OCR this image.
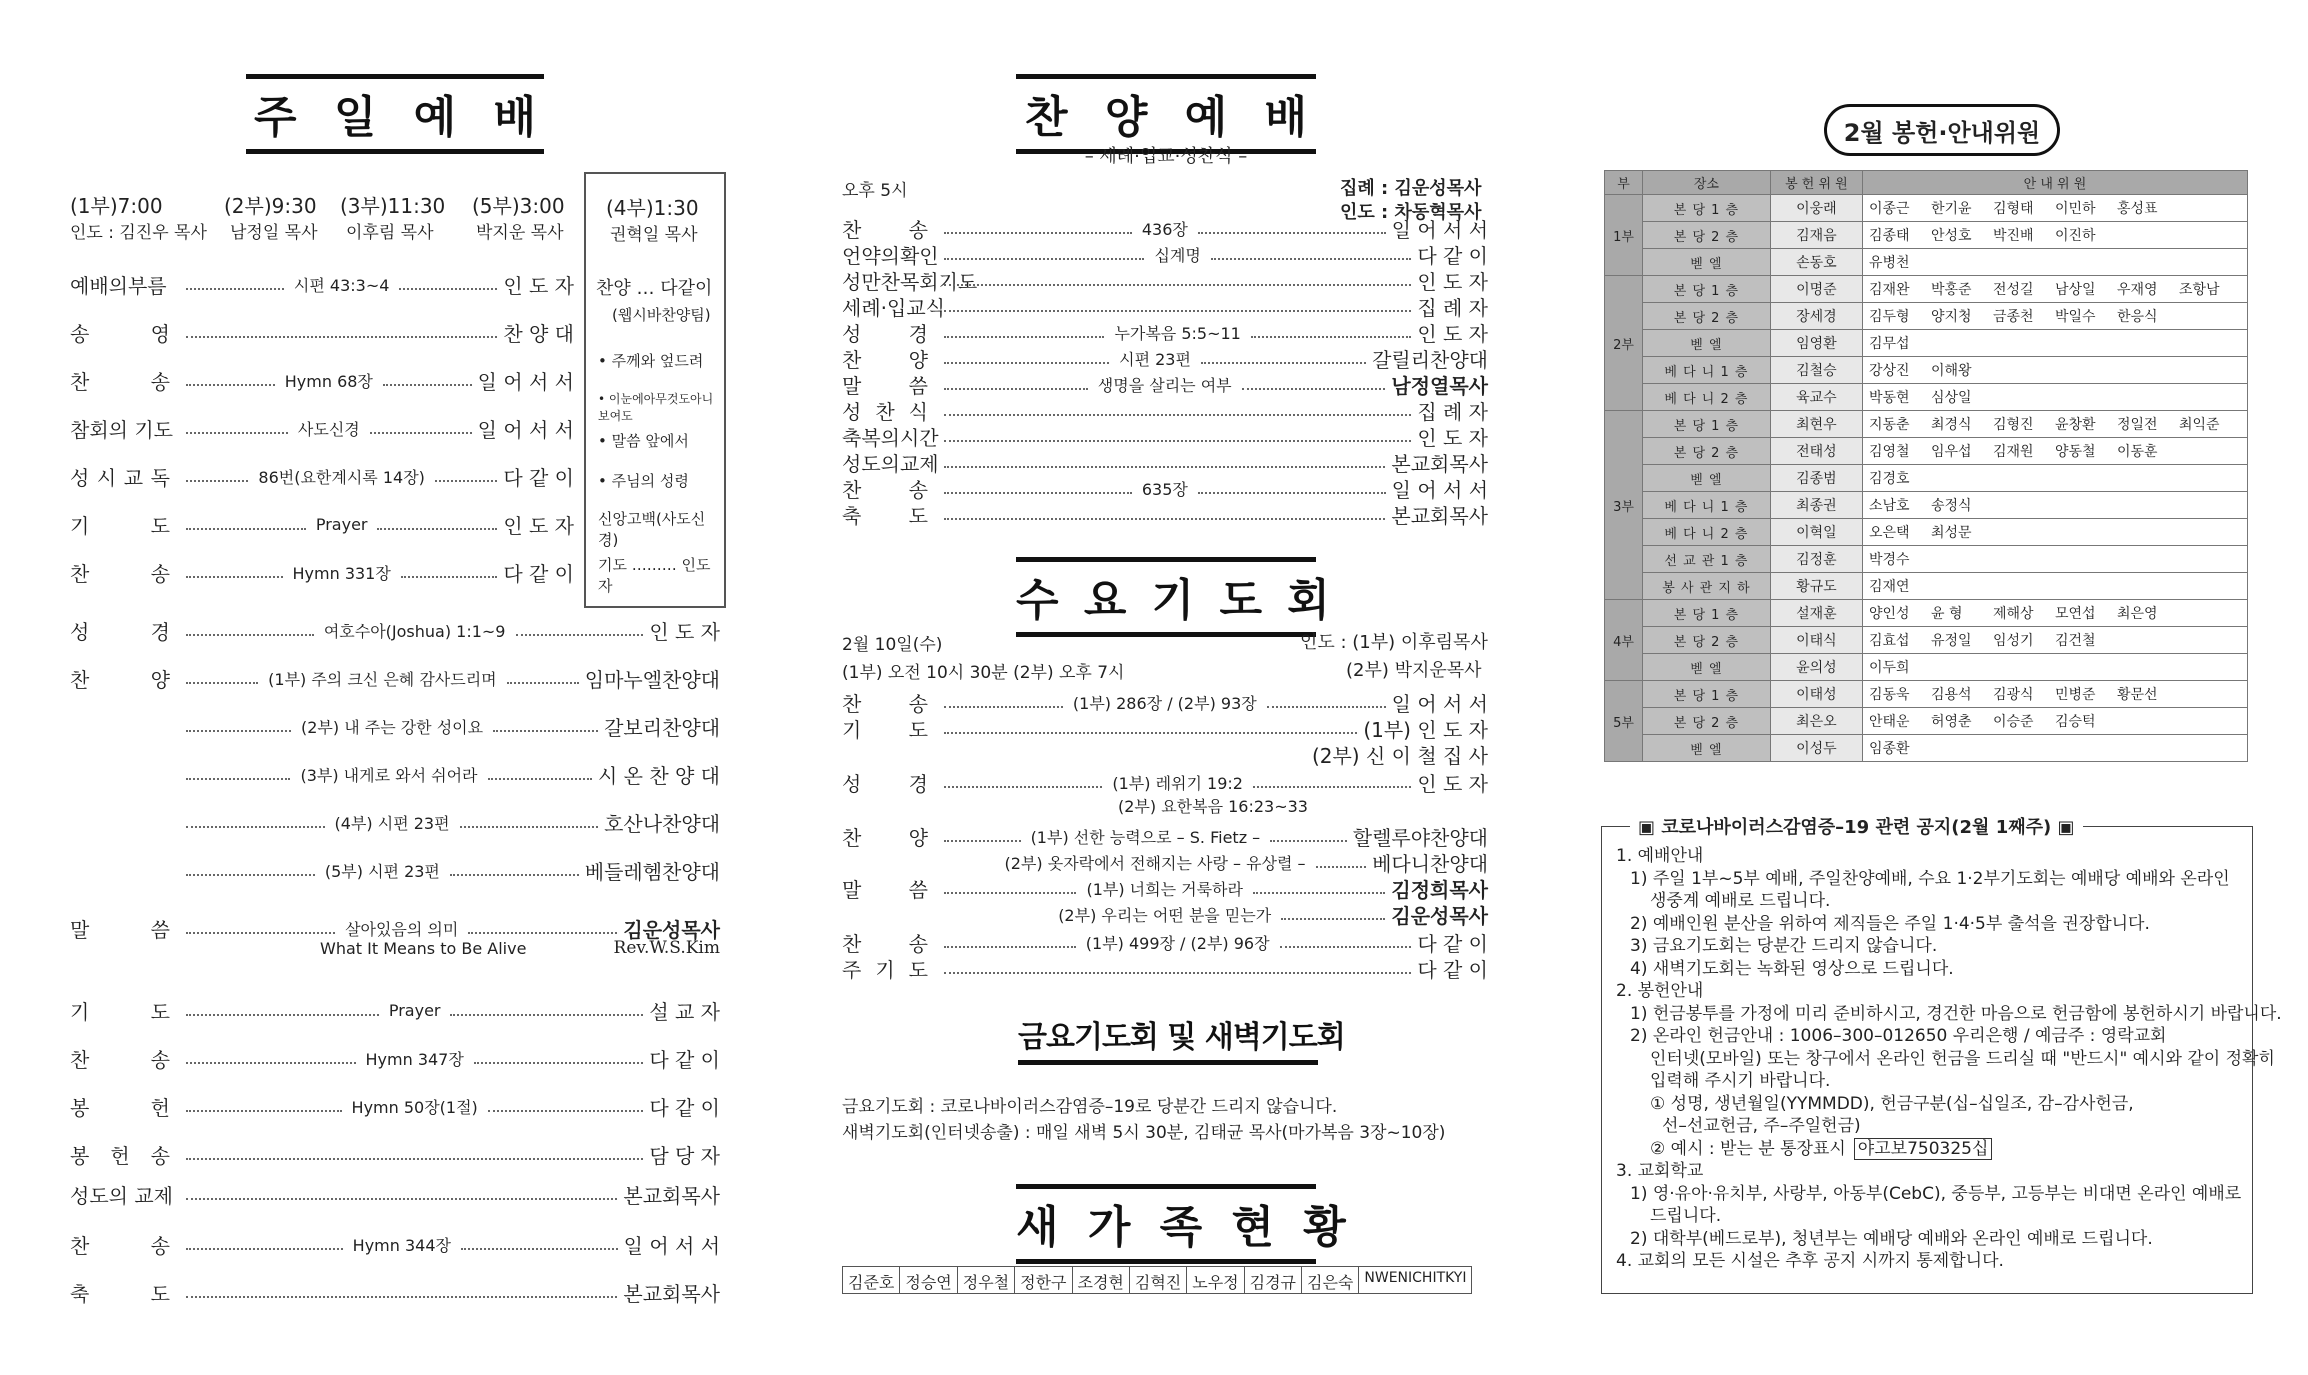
주 일 예 배
(1부)7:00
인도 : 김진우 목사
(2부)9:30
남정일 목사
(3부)11:30
이후림 목사
(5부)3:00
박지운 목사
(4부)1:30
권혁일 목사
찬양 … 다같이
(웹시바찬양팀)
• 주께와 엎드려
• 이눈에아무것도아니보여도
• 말씀 앞에서
• 주님의 성령
신앙고백(사도신경)
기도 ……… 인도자
예배의부름	시편 43:3~4	인 도 자
송 영	찬 양 대
찬 송	Hymn 68장	일 어 서 서
참회의 기도	사도신경	일 어 서 서
성 시 교 독	86번(요한계시록 14장)	다 같 이
기 도	Prayer	인 도 자
찬 송	Hymn 331장	다 같 이
성 경	여호수아(Joshua) 1:1~9	인 도 자
찬 양	(1부) 주의 크신 은혜 감사드리며	임마누엘찬양대
(2부) 내 주는 강한 성이요	갈보리찬양대
(3부) 내게로 와서 쉬어라	시 온 찬 양 대
(4부) 시편 23편	호산나찬양대
(5부) 시편 23편	베들레헴찬양대
말 씀	살아있음의 의미	김운성목사
What It Means to Be Alive	Rev.W.S.Kim
기 도	Prayer	설 교 자
찬 송	Hymn 347장	다 같 이
봉 헌	Hymn 50장(1절)	다 같 이
봉 헌 송	담 당 자
성도의 교제	본교회목사
찬 송	Hymn 344장	일 어 서 서
축 도	본교회목사
찬 양 예 배
– 세례·입교·성찬식 –
오후 5시	집례 : 김운성목사
인도 : 차동혁목사
찬 송	436장	일 어 서 서
언약의확인	십계명	다 같 이
성만찬목회기도	인 도 자
세례·입교식	집 례 자
성 경	누가복음 5:5~11	인 도 자
찬 양	시편 23편	갈릴리찬양대
말 씀	생명을 살리는 여부	남정열목사
성 찬 식	집 례 자
축복의시간	인 도 자
성도의교제	본교회목사
찬 송	635장	일 어 서 서
축 도	본교회목사
수 요 기 도 회
2월 10일(수)	인도 : (1부) 이후림목사
(1부) 오전 10시 30분 (2부) 오후 7시	(2부) 박지운목사
찬 송	(1부) 286장 / (2부) 93장	일 어 서 서
기 도	(1부) 인 도 자
(2부) 신 이 철 집 사
성 경	(1부) 레위기 19:2	인 도 자
(2부) 요한복음 16:23~33
찬 양	(1부) 선한 능력으로 – S. Fietz –	할렐루야찬양대
(2부) 옷자락에서 전해지는 사랑 – 유상렬 –	베다니찬양대
말 씀	(1부) 너희는 거룩하라	김정희목사
(2부) 우리는 어떤 분을 믿는가	김운성목사
찬 송	(1부) 499장 / (2부) 96장	다 같 이
주 기 도	다 같 이
금요기도회 및 새벽기도회
금요기도회 : 코로나바이러스감염증–19로 당분간 드리지 않습니다.
새벽기도회(인터넷송출) : 매일 새벽 5시 30분, 김태균 목사(마가복음 3장~10장)
새 가 족 현 황
김준호 정승연 정우철 정한구 조경현 김혁진 노우정 김경규 김은숙 NWENICHITKYI
2월 봉헌·안내위원
부	장소	봉 헌 위 원	안 내 위 원
1부	본 당 1 층	이웅래	이종근 한기윤 김형태 이민하 홍성표
	본 당 2 층	김재음	김종태 안성호 박진배 이진하
	벧 엘	손동호	유병천
2부	본 당 1 층	이명준	김재완 박홍준 전성길 남상일 우재영 조항남
	본 당 2 층	장세경	김두형 양지청 금종천 박일수 한응식
	벧 엘	임영환	김무섭
	베 다 니 1 층	김철승	강상진 이해왕
	베 다 니 2 층	육교수	박동현 심상일
3부	본 당 1 층	최현우	지동춘 최경식 김형진 윤창환 정일전 최익준
	본 당 2 층	전태성	김영철 임우섭 김재원 양동철 이동훈
	벧 엘	김종범	김경호
	베 다 니 1 층	최종권	소남호 송정식
	베 다 니 2 층	이혁일	오은택 최성문
	선 교 관 1 층	김정훈	박경수
	봉 사 관 지 하	황규도	김재연
4부	본 당 1 층	설재훈	양인성 윤 형 제해상 모연섭 최은영
	본 당 2 층	이태식	김효섭 유정일 임성기 김건철
	벧 엘	윤의성	이두희
5부	본 당 1 층	이태성	김동욱 김용석 김광식 민병준 황문선
	본 당 2 층	최은오	안태운 허영춘 이승준 김승턱
	벧 엘	이성두	임종환
▣ 코로나바이러스감염증–19 관련 공지(2월 1째주) ▣
1. 예배안내
1) 주일 1부~5부 예배, 주일찬양예배, 수요 1·2부기도회는 예배당 예배와 온라인
생중계 예배로 드립니다.
2) 예배인원 분산을 위하여 제직들은 주일 1·4·5부 출석을 권장합니다.
3) 금요기도회는 당분간 드리지 않습니다.
4) 새벽기도회는 녹화된 영상으로 드립니다.
2. 봉헌안내
1) 헌금봉투를 가정에 미리 준비하시고, 경건한 마음으로 헌금함에 봉헌하시기 바랍니다.
2) 온라인 헌금안내 : 1006–300–012650 우리은행 / 예금주 : 영락교회
인터넷(모바일) 또는 창구에서 온라인 헌금을 드리실 때 "반드시" 예시와 같이 정확히
입력해 주시기 바랍니다.
① 성명, 생년월일(YYMMDD), 헌금구분(십–십일조, 감–감사헌금,
선–선교헌금, 주–주일헌금)
② 예시 : 받는 분 통장표시 야고보750325십
3. 교회학교
1) 영·유아·유치부, 사랑부, 아동부(CebC), 중등부, 고등부는 비대면 온라인 예배로
드립니다.
2) 대학부(베드로부), 청년부는 예배당 예배와 온라인 예배로 드립니다.
4. 교회의 모든 시설은 추후 공지 시까지 통제합니다.
